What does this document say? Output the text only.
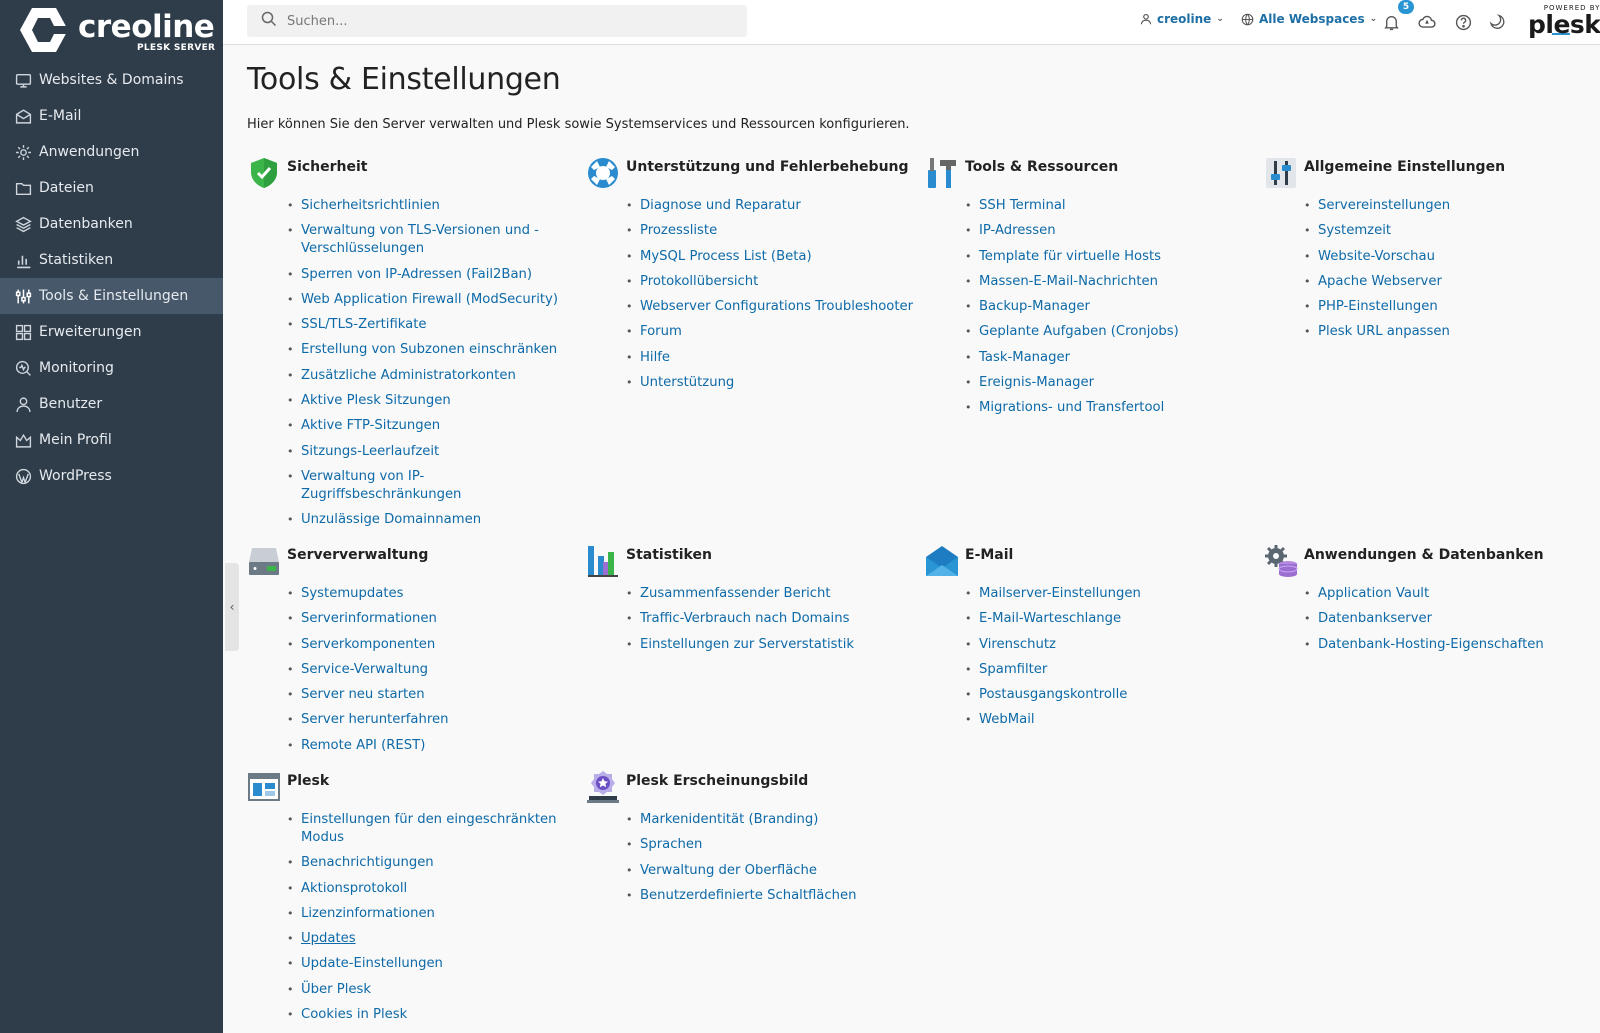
creoline
PLESK SERVER
Websites & Domains
E-Mail
Anwendungen
Dateien
Datenbanken
Statistiken
Tools & Einstellungen
Erweiterungen
Monitoring
Benutzer
Mein Profil
WordPress
‹
Suchen...
creoline ⌄	Alle Webspaces ⌄
5	POWERED BY
plesk
Tools & Einstellungen

Hier können Sie den Server verwalten und Plesk sowie Systemservices und Ressourcen konfigurieren.

Sicherheit
• Sicherheitsrichtlinien
• Verwaltung von TLS-Versionen und -Verschlüsselungen
• Sperren von IP-Adressen (Fail2Ban)
• Web Application Firewall (ModSecurity)
• SSL/TLS-Zertifikate
• Erstellung von Subzonen einschränken
• Zusätzliche Administratorkonten
• Aktive Plesk Sitzungen
• Aktive FTP-Sitzungen
• Sitzungs-Leerlaufzeit
• Verwaltung von IP-Zugriffsbeschränkungen
• Unzulässige Domainnamen
Unterstützung und Fehlerbehebung
• Diagnose und Reparatur
• Prozessliste
• MySQL Process List (Beta)
• Protokollübersicht
• Webserver Configurations Troubleshooter
• Forum
• Hilfe
• Unterstützung
Tools & Ressourcen
• SSH Terminal
• IP-Adressen
• Template für virtuelle Hosts
• Massen-E-Mail-Nachrichten
• Backup-Manager
• Geplante Aufgaben (Cronjobs)
• Task-Manager
• Ereignis-Manager
• Migrations- und Transfertool
Allgemeine Einstellungen
• Servereinstellungen
• Systemzeit
• Website-Vorschau
• Apache Webserver
• PHP-Einstellungen
• Plesk URL anpassen
Serververwaltung
• Systemupdates
• Serverinformationen
• Serverkomponenten
• Service-Verwaltung
• Server neu starten
• Server herunterfahren
• Remote API (REST)
Statistiken
• Zusammenfassender Bericht
• Traffic-Verbrauch nach Domains
• Einstellungen zur Serverstatistik
E-Mail
• Mailserver-Einstellungen
• E-Mail-Warteschlange
• Virenschutz
• Spamfilter
• Postausgangskontrolle
• WebMail
Anwendungen & Datenbanken
• Application Vault
• Datenbankserver
• Datenbank-Hosting-Eigenschaften
Plesk
• Einstellungen für den eingeschränkten Modus
• Benachrichtigungen
• Aktionsprotokoll
• Lizenzinformationen
• Updates
• Update-Einstellungen
• Über Plesk
• Cookies in Plesk
Plesk Erscheinungsbild
• Markenidentität (Branding)
• Sprachen
• Verwaltung der Oberfläche
• Benutzerdefinierte Schaltflächen
